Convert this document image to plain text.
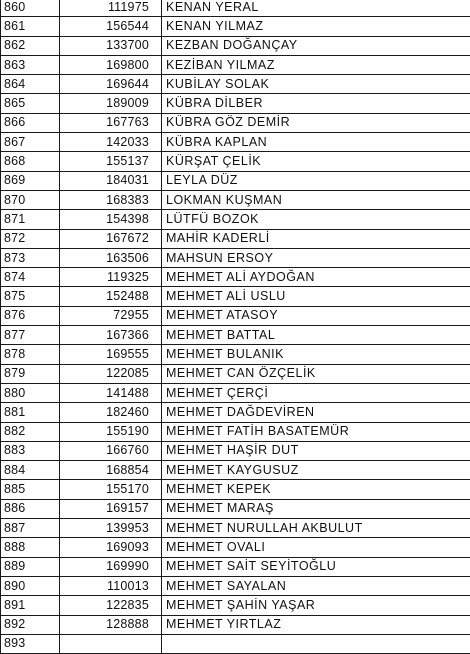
860	111975	KENAN YERAL
861	156544	KENAN YILMAZ
862	133700	KEZBAN DOĞANÇAY
863	169800	KEZİBAN YILMAZ
864	169644	KUBİLAY SOLAK
865	189009	KÜBRA DİLBER
866	167763	KÜBRA GÖZ DEMİR
867	142033	KÜBRA KAPLAN
868	155137	KÜRŞAT ÇELİK
869	184031	LEYLA DÜZ
870	168383	LOKMAN KUŞMAN
871	154398	LÜTFÜ BOZOK
872	167672	MAHİR KADERLİ
873	163506	MAHSUN ERSOY
874	119325	MEHMET ALİ AYDOĞAN
875	152488	MEHMET ALİ USLU
876	72955	MEHMET ATASOY
877	167366	MEHMET BATTAL
878	169555	MEHMET BULANIK
879	122085	MEHMET CAN ÖZÇELİK
880	141488	MEHMET ÇERÇİ
881	182460	MEHMET DAĞDEVİREN
882	155190	MEHMET FATİH BASATEMÜR
883	166760	MEHMET HAŞİR DUT
884	168854	MEHMET KAYGUSUZ
885	155170	MEHMET KEPEK
886	169157	MEHMET MARAŞ
887	139953	MEHMET NURULLAH AKBULUT
888	169093	MEHMET OVALI
889	169990	MEHMET SAİT SEYİTOĞLU
890	110013	MEHMET SAYALAN
891	122835	MEHMET ŞAHİN YAŞAR
892	128888	MEHMET YIRTLAZ
893		
